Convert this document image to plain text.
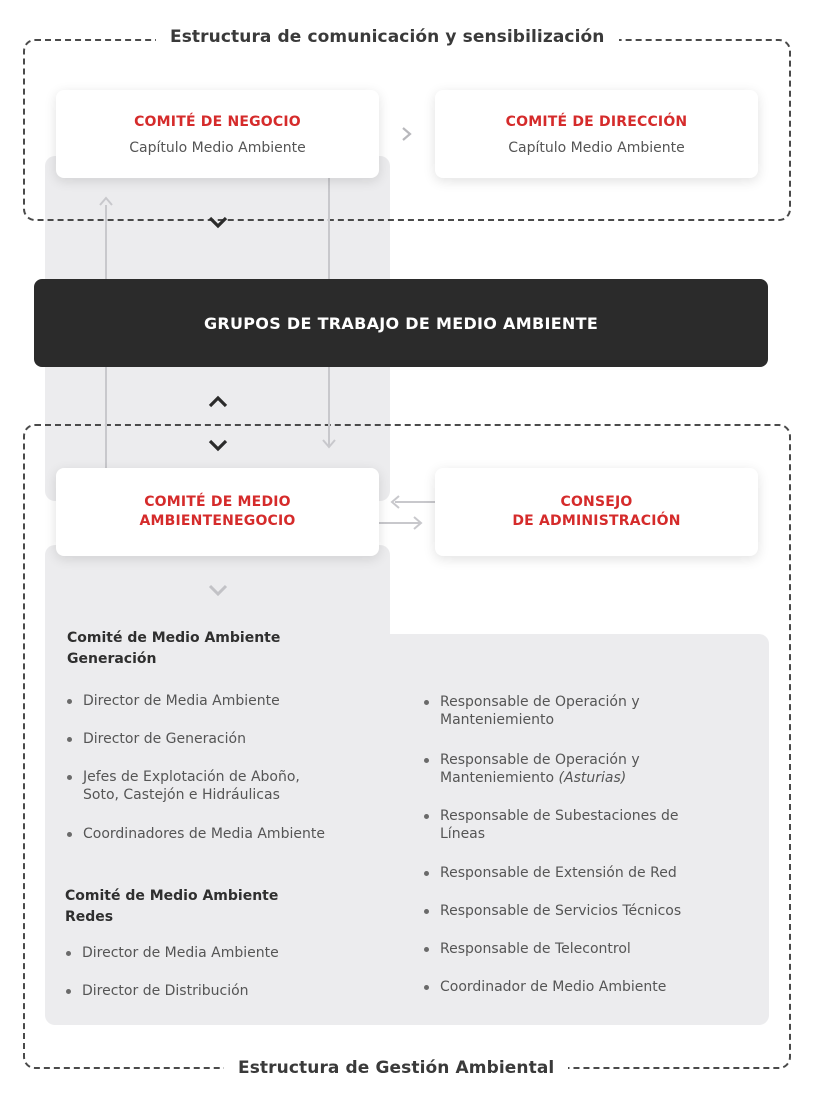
Estructura de comunicación y sensibilización
Estructura de Gestión Ambiental
COMITÉ DE NEGOCIO
Capítulo Medio Ambiente
COMITÉ DE DIRECCIÓN
Capítulo Medio Ambiente
GRUPOS DE TRABAJO DE MEDIO AMBIENTE
COMITÉ DE MEDIO
AMBIENTENEGOCIO
CONSEJO
DE ADMINISTRACIÓN
Comité de Medio Ambiente
Generación
Director de Media Ambiente
Director de Generación
Jefes de Explotación de Aboño,
Soto, Castejón e Hidráulicas
Coordinadores de Media Ambiente
Comité de Medio Ambiente
Redes
Director de Media Ambiente
Director de Distribución
Responsable de Operación y
Manteniemiento
Responsable de Operación y
Manteniemiento (Asturias)
Responsable de Subestaciones de
Líneas
Responsable de Extensión de Red
Responsable de Servicios Técnicos
Responsable de Telecontrol
Coordinador de Medio Ambiente
